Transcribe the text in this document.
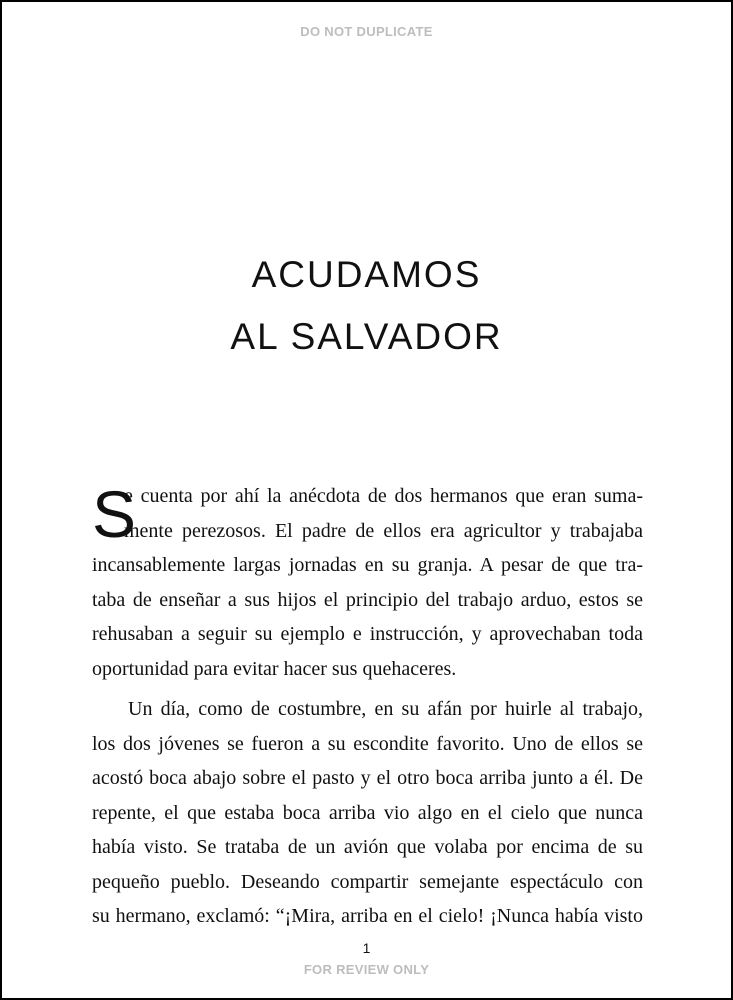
DO NOT DUPLICATE
ACUDAMOS
AL SALVADOR
S
e cuenta por ahí la anécdota de dos hermanos que eran suma-
mente perezosos. El padre de ellos era agricultor y trabajaba
incansablemente largas jornadas en su granja. A pesar de que tra-
taba de enseñar a sus hijos el principio del trabajo arduo, estos se
rehusaban a seguir su ejemplo e instrucción, y aprovechaban toda
oportunidad para evitar hacer sus quehaceres.
Un día, como de costumbre, en su afán por huirle al trabajo,
los dos jóvenes se fueron a su escondite favorito. Uno de ellos se
acostó boca abajo sobre el pasto y el otro boca arriba junto a él. De
repente, el que estaba boca arriba vio algo en el cielo que nunca
había visto. Se trataba de un avión que volaba por encima de su
pequeño pueblo. Deseando compartir semejante espectáculo con
su hermano, exclamó: “¡Mira, arriba en el cielo! ¡Nunca había visto
1
FOR REVIEW ONLY
